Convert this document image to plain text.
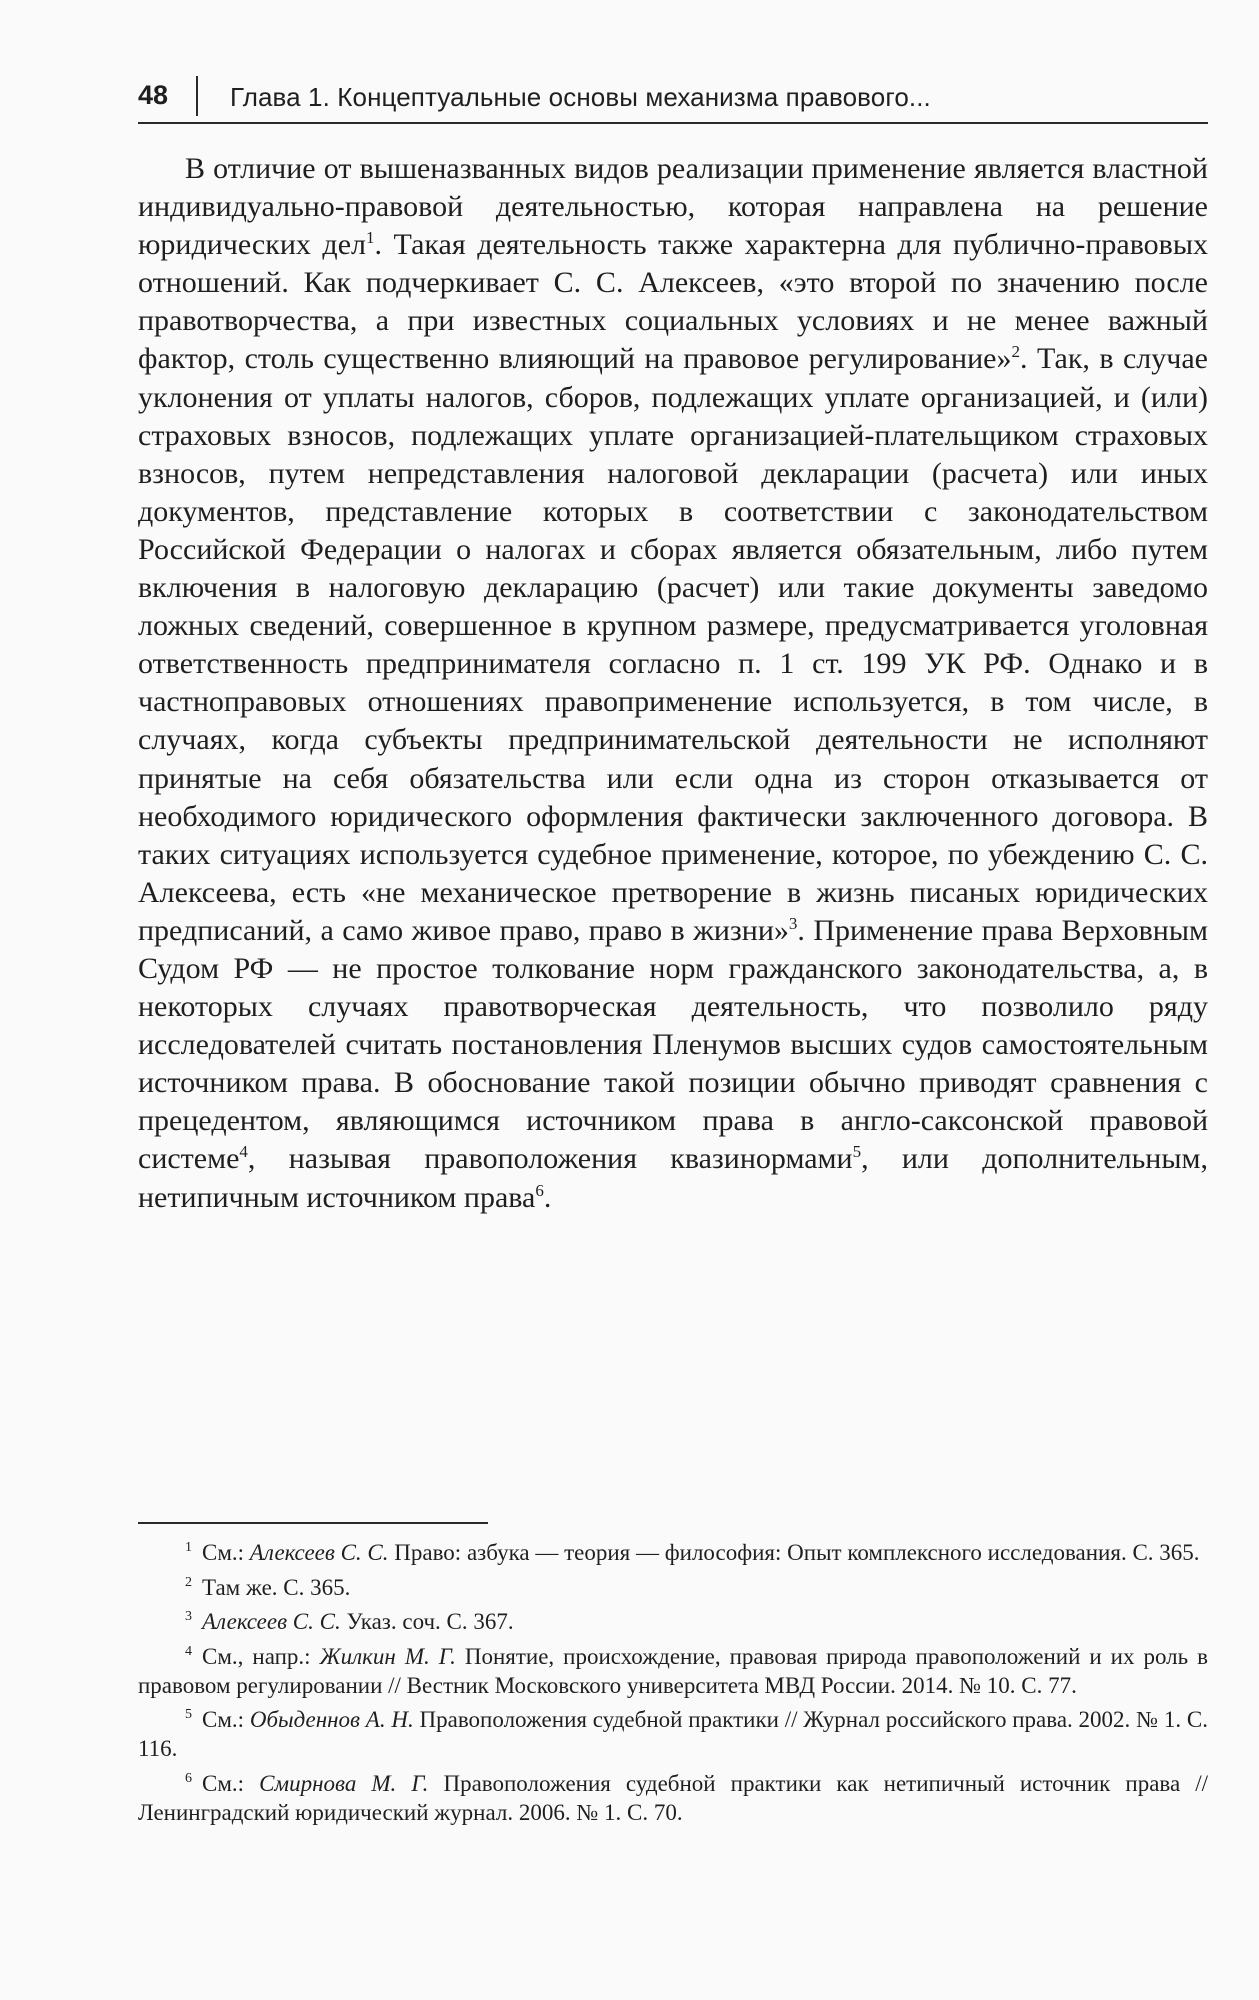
48 Глава 1. Концептуальные основы механизма правового...

В отличие от вышеназванных видов реализации применение является властной индивидуально-правовой деятельностью, которая направлена на решение юридических дел$^1$. Такая деятельность также характерна для публично-правовых отношений. Как подчеркивает С. С. Алексеев, «это второй по значению после правотворчества, а при известных социальных условиях и не менее важный фактор, столь существенно влияющий на правовое регулирование»$^2$. Так, в случае уклонения от уплаты налогов, сборов, подлежащих уплате организацией, и (или) страховых взносов, подлежащих уплате организацией-плательщиком страховых взносов, путем непредставления налоговой декларации (расчета) или иных документов, представление которых в соответствии с законодательством Российской Федерации о налогах и сборах является обязательным, либо путем включения в налоговую декларацию (расчет) или такие документы заведомо ложных сведений, совершенное в крупном размере, предусматривается уголовная ответственность предпринимателя согласно п. 1 ст. 199 УК РФ. Однако и в частноправовых отношениях правоприменение используется, в том числе, в случаях, когда субъекты предпринимательской деятельности не исполняют принятые на себя обязательства или если одна из сторон отказывается от необходимого юридического оформления фактически заключенного договора. В таких ситуациях используется судебное применение, которое, по убеждению С. С. Алексеева, есть «не механическое претворение в жизнь писаных юридических предписаний, а само живое право, право в жизни»$^3$. Применение права Верховным Судом РФ — не простое толкование норм гражданского законодательства, а, в некоторых случаях правотворческая деятельность, что позволило ряду исследователей считать постановления Пленумов высших судов самостоятельным источником права. В обоснование такой позиции обычно приводят сравнения с прецедентом, являющимся источником права в англо-саксонской правовой системе$^4$, называя правоположения квазинормами$^5$, или дополнительным, нетипичным источником права$^6$.

$^1$ См.: Алексеев С. С. Право: азбука — теория — философия: Опыт комплексного исследования. С. 365.

$^2$ Там же. С. 365.

$^3$ Алексеев С. С. Указ. соч. С. 367.

$^4$ См., напр.: Жилкин М. Г. Понятие, происхождение, правовая природа правоположений и их роль в правовом регулировании // Вестник Московского университета МВД России. 2014. № 10. С. 77.

$^5$ См.: Обыденнов А. Н. Правоположения судебной практики // Журнал российского права. 2002. № 1. С. 116.

$^6$ См.: Смирнова М. Г. Правоположения судебной практики как нетипичный источник права // Ленинградский юридический журнал. 2006. № 1. С. 70.
